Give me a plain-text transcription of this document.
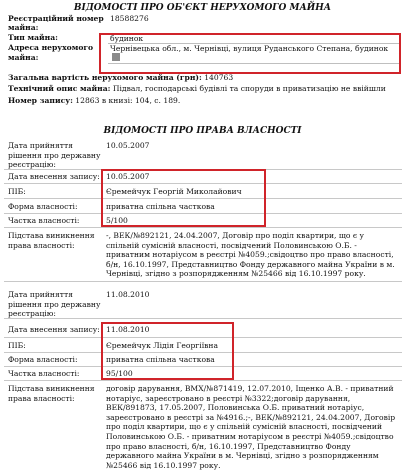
ВІДОМОСТІ ПРО ОБ'ЄКТ НЕРУХОМОГО МАЙНА
Реєстраційний номер майна:	18588276
Тип майна:	будинок
Адреса нерухомого майна:	Чернівецька обл., м. Чернівці, вулиця Руданського Степана, будинок

Загальна вартість нерухомого майна (грн): 140763
Технічний опис майна: Підвал, господарські будівлі та споруди в приватизацію не ввійшли
Номер запису: 12863 в книзі: 104, с. 189.
ВІДОМОСТІ ПРО ПРАВА ВЛАСНОСТІ
Дата прийняття рішення про державну реєстрацію:
10.05.2007
Дата внесення запису: 10.05.2007
ПІБ:	Єремейчук Георгій Миколайович
Форма власності:	приватна спільна часткова
Частка власності:	5/100
Підстава виникнення права власності:
-, ВЕК/№892121, 24.04.2007, Договір про поділ квартири, що є у спільній сумісній власності, посвідчений Половинською О.Б. - приватним нотаріусом в реєстрі №4059.;свідоцтво про право власності, б/н, 16.10.1997, Представництво Фонду державного майна України в м. Чернівці, згідно з розпорядженням №25466 від 16.10.1997 року.
Дата прийняття рішення про державну реєстрацію:
11.08.2010
Дата внесення запису: 11.08.2010
ПІБ:	Єремейчук Лідія Георгіївна
Форма власності:	приватна спільна часткова
Частка власності:	95/100
Підстава виникнення права власності:
договір дарування, ВМХ/№871419, 12.07.2010, Іщенко А.В. - приватний нотаріус, зареєстровано в реєстрі №3322;договір дарування, ВЕК/891873, 17.05.2007, Половинська О.Б. приватний нотаріус, зареєстровано в реєстрі за №4916.;-, ВЕК/№892121, 24.04.2007, Договір про поділ квартири, що є у спільній сумісній власності, посвідчений Половинською О.Б. - приватним нотаріусом в реєстрі №4059.;свідоцтво про право власності, б/н, 16.10.1997, Представництво Фонду державного майна України в м. Чернівці, згідно з розпорядженням №25466 від 16.10.1997 року.
